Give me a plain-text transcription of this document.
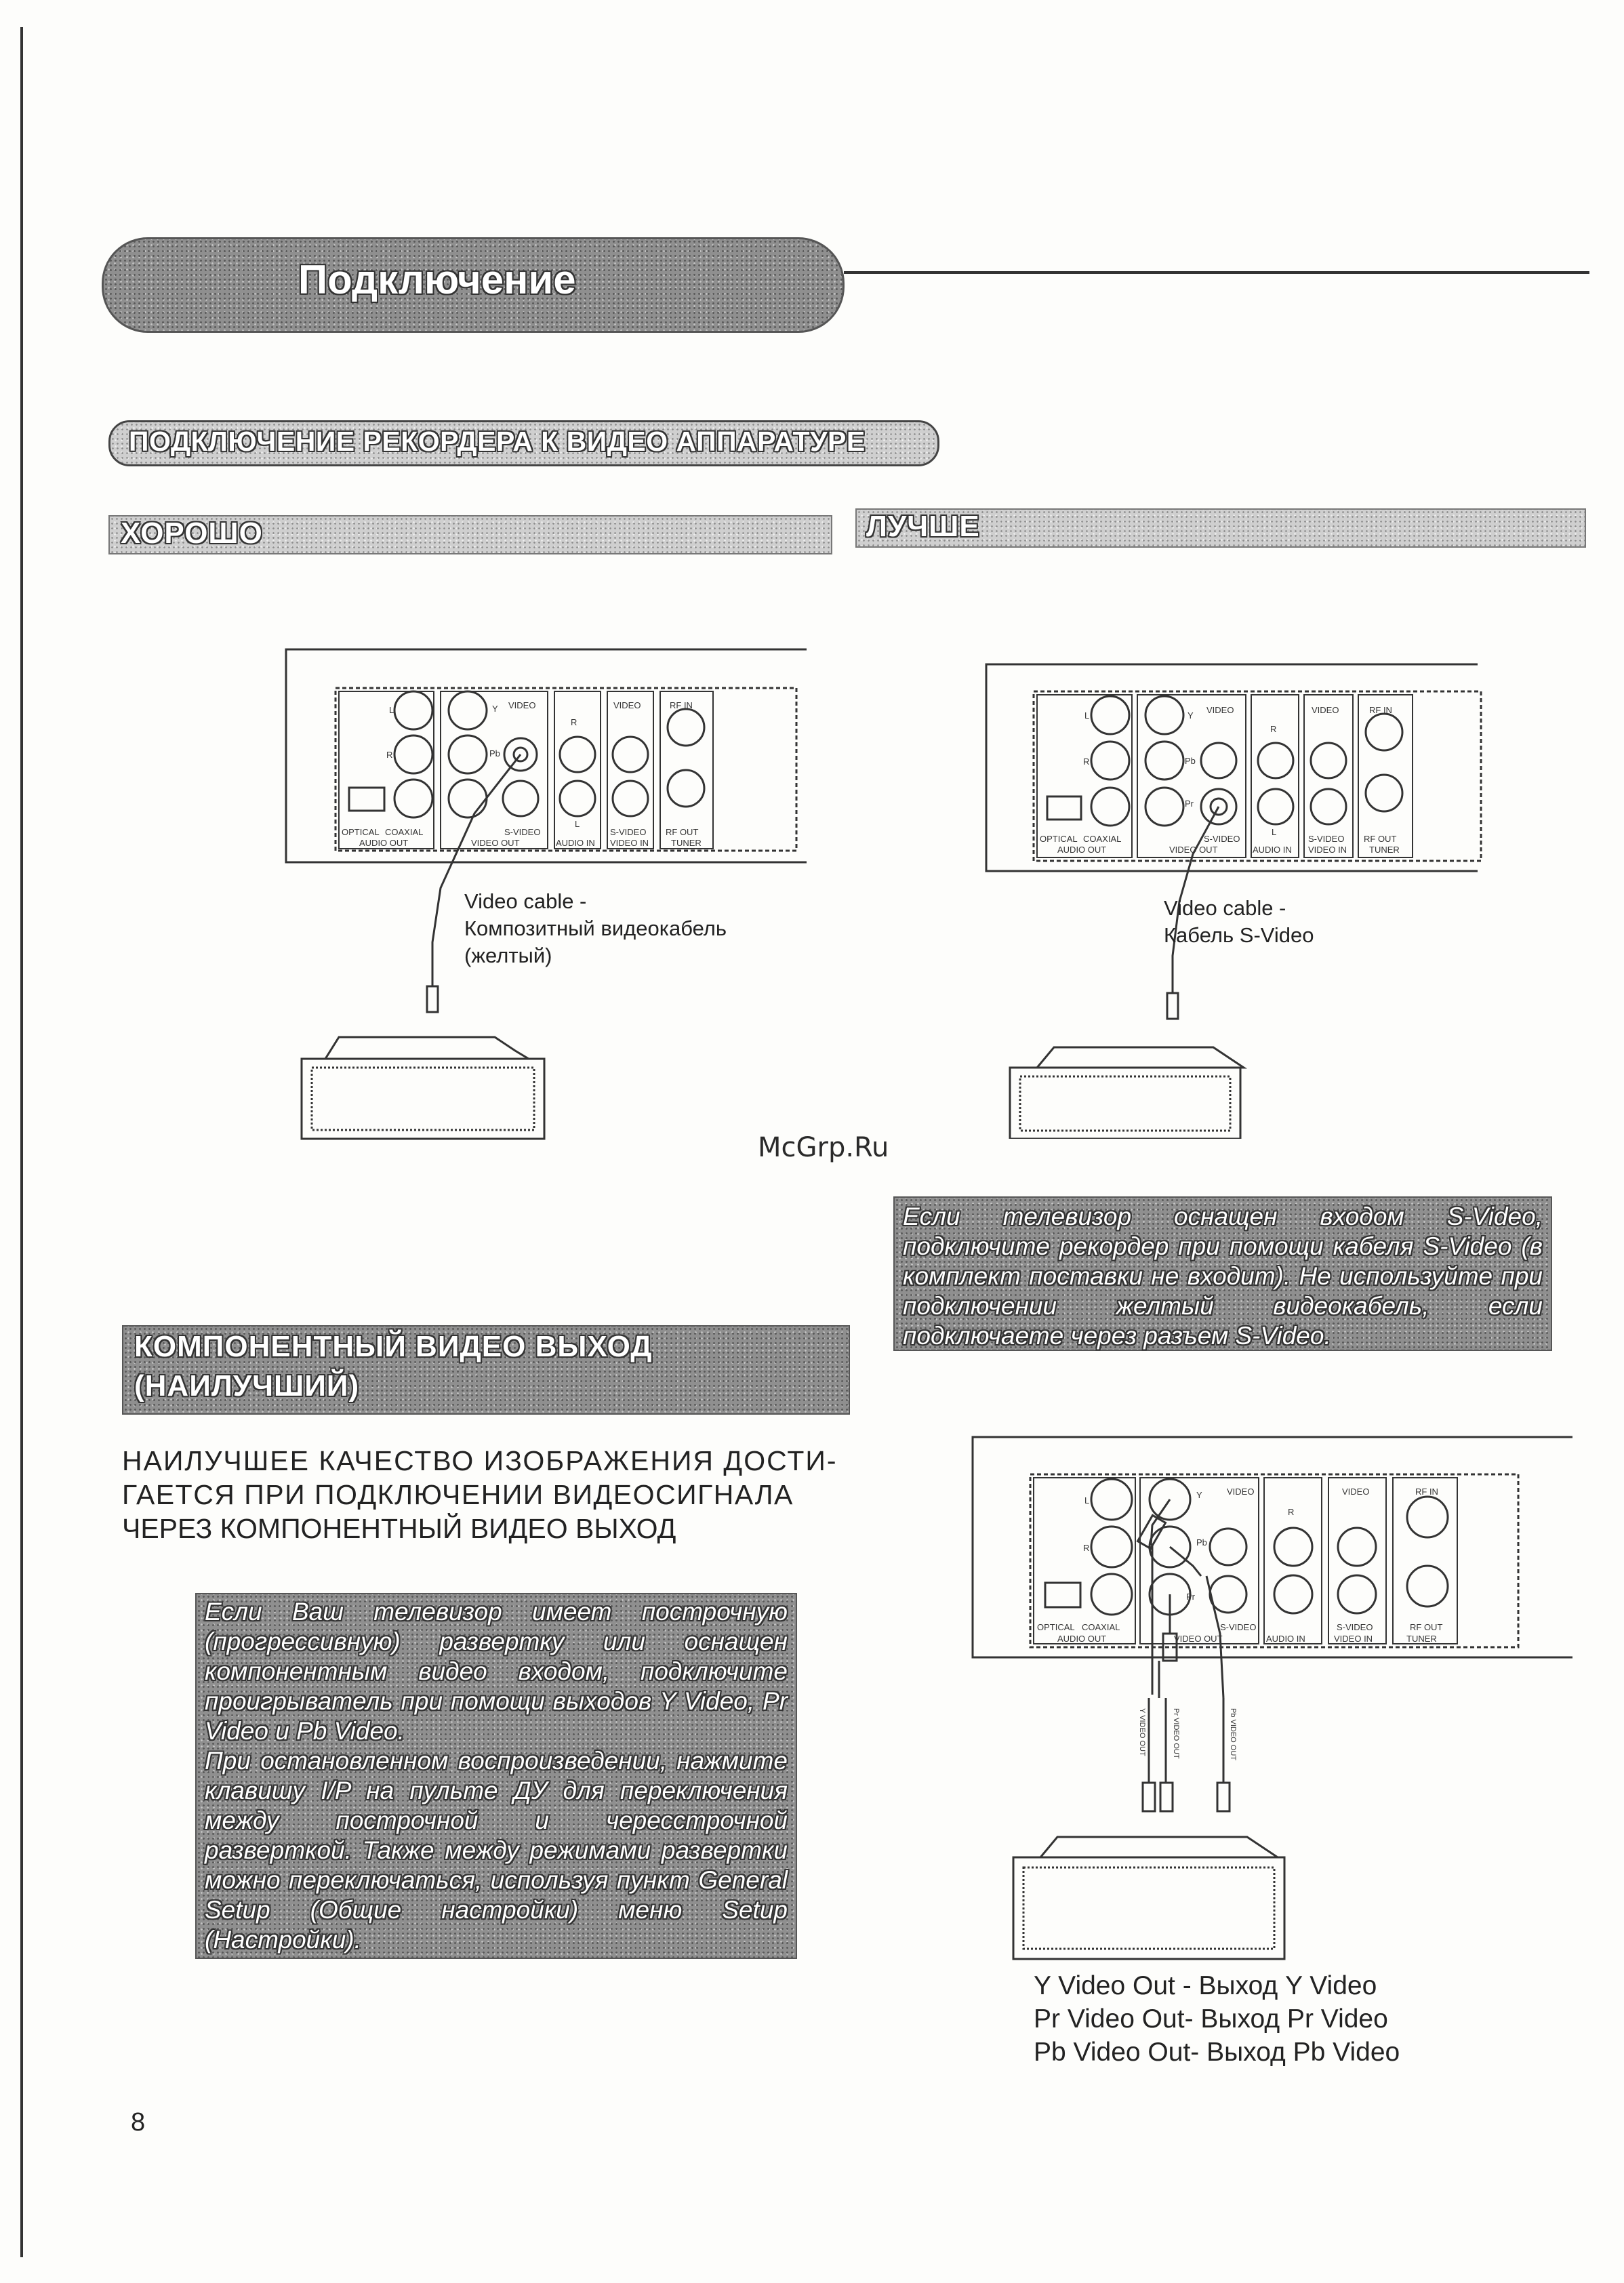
Подключение
ПОДКЛЮЧЕНИЕ РЕКОРДЕРА К ВИДЕО АППАРАТУРЕ
ХОРОШО	ЛУЧШЕ
L
R
Y
Pb
VIDEO
R
L
VIDEO	RF IN
OPTICAL COAXIAL	S-VIDEO	S-VIDEO RF OUT
AUDIO OUT	VIDEO OUT	AUDIO IN VIDEO IN	TUNER
Video cable -
Композитный видеокабель
(желтый)
L
R
Y
Pb
Pr
VIDEO
R
L
VIDEO	RF IN
OPTICAL COAXIAL	S-VIDEO	S-VIDEO RF OUT
AUDIO OUT	VIDEO OUT	AUDIO IN VIDEO IN	TUNER
Video cable -
Кабель S-Video
McGrp.Ru

Если телевизор оснащен входом S-Video, подключите рекордер при помощи кабеля S-Video (в комплект поставки не входит). Не используйте при подключении желтый видеокабель, если подключаете через разъем S-Video.

КОМПОНЕНТНЫЙ ВИДЕО ВЫХОД
(НАИЛУЧШИЙ)
НАИЛУЧШЕЕ КАЧЕСТВО ИЗОБРАЖЕНИЯ ДОСТИ-
ГАЕТСЯ ПРИ ПОДКЛЮЧЕНИИ ВИДЕОСИГНАЛА
ЧЕРЕЗ КОМПОНЕНТНЫЙ ВИДЕО ВЫХОД

Если Ваш телевизор имеет построчную (прогрессивную) развертку или оснащен компонентным видео входом, подключите проигрыватель при помощи выходов Y Video, Pr Video и Pb Video.

При остановленном воспроизведении, нажмите клавишу I/P на пульте ДУ для переключения между построчной и чересстрочной разверткой. Также между режимами развертки можно переключаться, используя пункт General Setup (Общие настройки) меню Setup (Настройки).

L
R
Y
Pb
Pr
VIDEO
R
VIDEO	RF IN
OPTICAL COAXIAL	S-VIDEO	S-VIDEO	RF OUT
AUDIO OUT	VIDEO OUT	AUDIO IN	VIDEO IN	TUNER
Y VIDEO OUT	Pr VIDEO OUT	Pb VIDEO OUT
Y Video Out - Выход Y Video
Pr Video Out- Выход Pr Video
Pb Video Out- Выход Pb Video
8
